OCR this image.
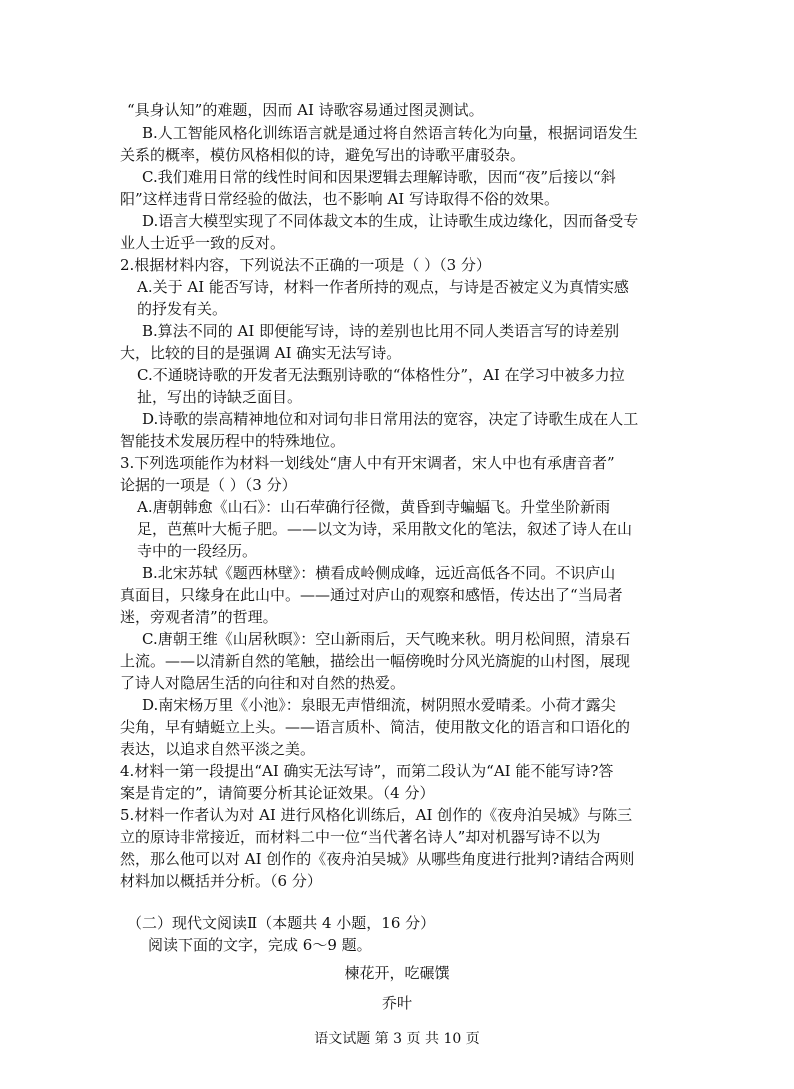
“具身认知”的难题，因而 AI 诗歌容易通过图灵测试。
B.人工智能风格化训练语言就是通过将自然语言转化为向量，根据词语发生
关系的概率，模仿风格相似的诗，避免写出的诗歌平庸驳杂。
C.我们难用日常的线性时间和因果逻辑去理解诗歌，因而“夜”后接以“斜
阳”这样违背日常经验的做法，也不影响 AI 写诗取得不俗的效果。
D.语言大模型实现了不同体裁文本的生成，让诗歌生成边缘化，因而备受专
业人士近乎一致的反对。
2.根据材料内容，下列说法不正确的一项是（ ）（3 分）
A.关于 AI 能否写诗，材料一作者所持的观点，与诗是否被定义为真情实感
的抒发有关。
B.算法不同的 AI 即便能写诗，诗的差别也比用不同人类语言写的诗差别
大，比较的目的是强调 AI 确实无法写诗。
C.不通晓诗歌的开发者无法甄别诗歌的“体格性分”，AI 在学习中被多力拉
扯，写出的诗缺乏面目。
D.诗歌的崇高精神地位和对词句非日常用法的宽容，决定了诗歌生成在人工
智能技术发展历程中的特殊地位。
3.下列选项能作为材料一划线处“唐人中有开宋调者，宋人中也有承唐音者”
论据的一项是（ ）（3 分）
A.唐朝韩愈《山石》：山石荦确行径微，黄昏到寺蝙蝠飞。升堂坐阶新雨
足，芭蕉叶大栀子肥。——以文为诗，采用散文化的笔法，叙述了诗人在山
寺中的一段经历。
B.北宋苏轼《题西林壁》：横看成岭侧成峰，远近高低各不同。不识庐山
真面目，只缘身在此山中。——通过对庐山的观察和感悟，传达出了“当局者
迷，旁观者清”的哲理。
C.唐朝王维《山居秋暝》：空山新雨后，天气晚来秋。明月松间照，清泉石
上流。——以清新自然的笔触，描绘出一幅傍晚时分风光旖旎的山村图，展现
了诗人对隐居生活的向往和对自然的热爱。
D.南宋杨万里《小池》：泉眼无声惜细流，树阴照水爱晴柔。小荷才露尖
尖角，早有蜻蜓立上头。——语言质朴、简洁，使用散文化的语言和口语化的
表达，以追求自然平淡之美。
4.材料一第一段提出“AI 确实无法写诗”，而第二段认为“AI 能不能写诗?答
案是肯定的”，请简要分析其论证效果。（4 分）
5.材料一作者认为对 AI 进行风格化训练后，AI 创作的《夜舟泊吴城》与陈三
立的原诗非常接近，而材料二中一位“当代著名诗人”却对机器写诗不以为
然，那么他可以对 AI 创作的《夜舟泊吴城》从哪些角度进行批判?请结合两则
材料加以概括并分析。（6 分）
（二）现代文阅读Ⅱ（本题共 4 小题，16 分）
阅读下面的文字，完成 6～9 题。
楝花开，吃碾馔
乔叶
语文试题 第 3 页 共 10 页
